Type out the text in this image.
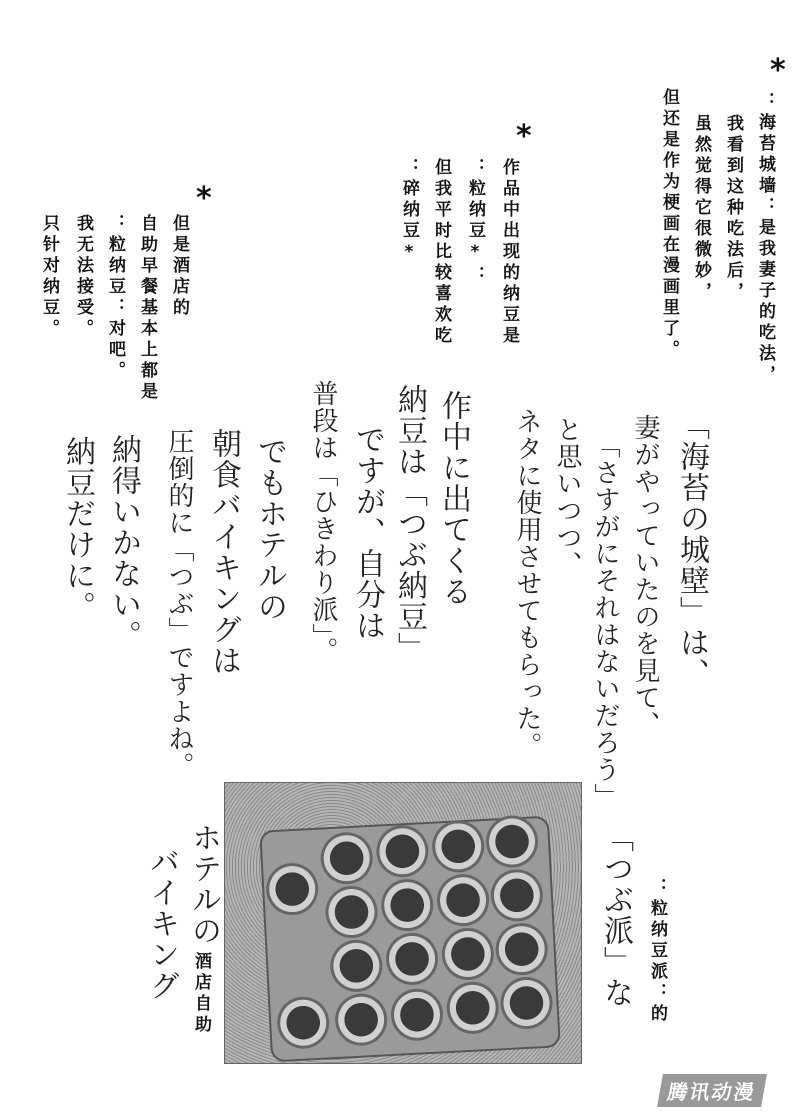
*
：海苔城墙：是我妻子的吃法，
我看到这种吃法后，
虽然觉得它很微妙，
但还是作为梗画在漫画里了。
*
作品中出现的纳豆是
：粒纳豆*：
但我平时比较喜欢吃
：碎纳豆*
*
但是酒店的
自助早餐基本上都是
：粒纳豆：对吧。
我无法接受。
只针对纳豆。
「海苔の城壁」は、
妻がやっていたのを見て、
「さすがにそれはないだろう」
と思いつつ、
ネタに使用させてもらった。
作中に出てくる
納豆は「つぶ納豆」
ですが、自分は
普段は「ひきわり派」。
でもホテルの
朝食バイキングは
圧倒的に「つぶ」ですよね。
納得いかない。
納豆だけに。
ホテルの
バイキング 酒店自助	「つぶ派」な ：粒纳豆派：的
腾讯动漫
